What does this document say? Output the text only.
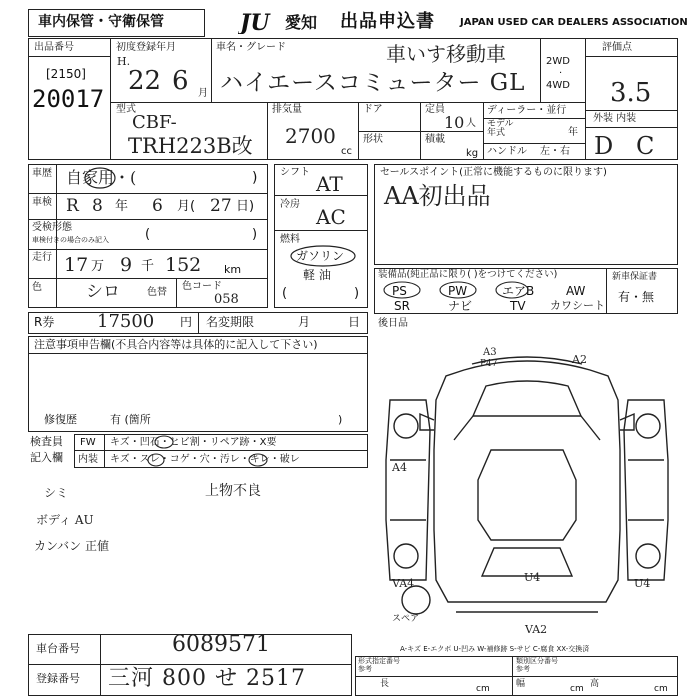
車内保管・守衛保管	JU 愛知 出品申込書	JAPAN USED CAR DEALERS ASSOCIATION
出品番号
[2150]
20017
初度登録年月
H.
22 6 月
車名・グレード	車いす移動車
ハイエースコミューター GL
2WD
·
4WD
評価点
3.5
外装 内装
D C
型式
CBF-
TRH223B改
排気量
2700
cc
ドア
形状
定員
10 人
積載
kg
ディーラー・並行
モデル
年式	年
ハンドル 左・右
車歴 自家用・(	)
車検 R 8 年 6 月( 27 日)
受検形態
車検付きの場合のみ記入	(	)
走行 17 万 9 千 152 km
色	シロ	色替
色コード
058
シフト AT
冷房
AC
燃料
ガソリン
軽 油
(	)
セールスポイント(正常に機能するものに限ります)
AA初出品
装備品(純正品に限り( )をつけてください)
PS	PW	エアB	AW
SR	ナビ	TV カワシート
新車保証書
有・無
R券 17500 円 名変期限	月	日 後日品
注意事項申告欄(不具合内容等は具体的に記入して下さい)
修復歴	有 (箇所	)
検査員
記入欄
FW キズ・凹石・ヒビ割・リペア跡・X要
内装 キズ・スレ・コゲ・穴・汚レ・キレ・破レ
シミ	上物不良
ボディ AU
カンバン 正値
A3
P47	A2
A4
U4
VA4	U4
VA2
スペア
A-キズ E-エクボ U-凹み W-補修跡 S-サビ C-腐食 XX-交換済
車台番号	6089571
登録番号 三河 800 せ 2517
形式指定番号
参考
類別区分番号
参考
長	cm	幅	cm 高	cm
